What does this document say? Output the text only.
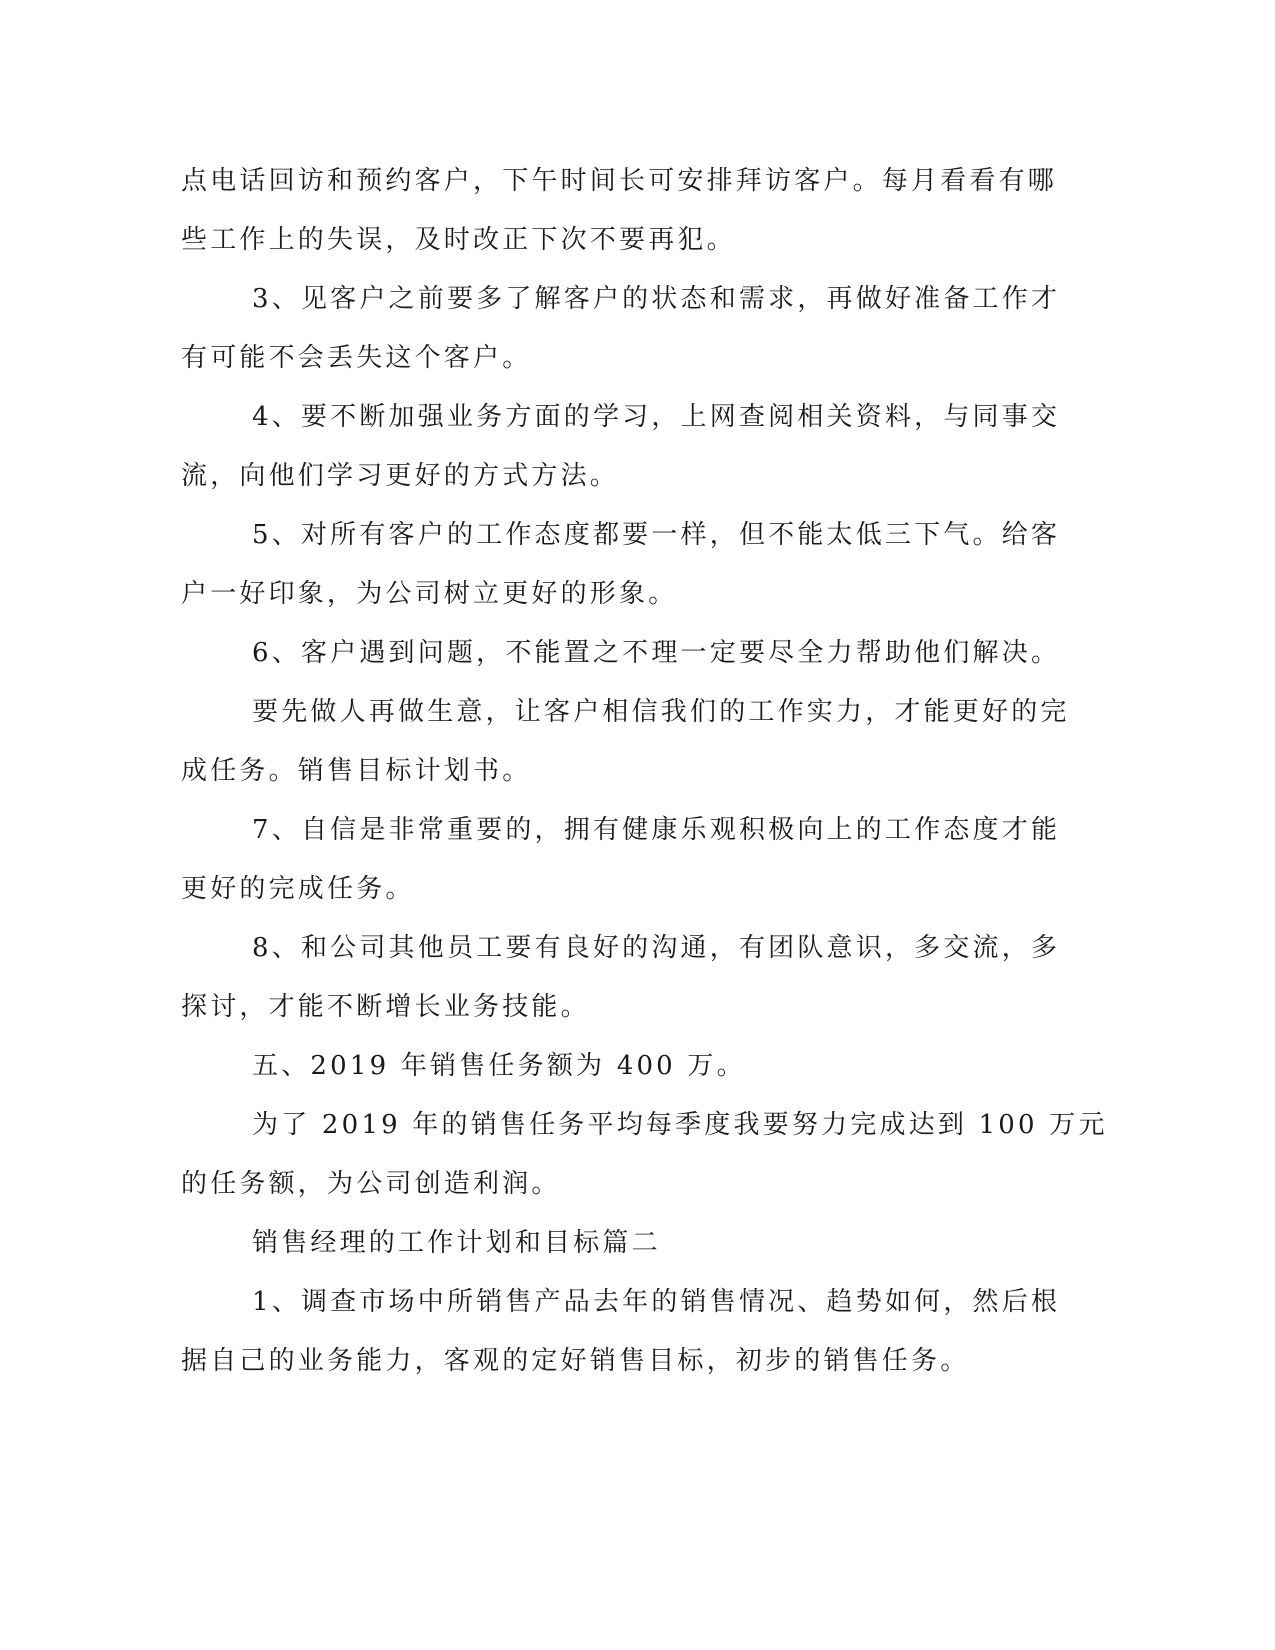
点电话回访和预约客户，下午时间长可安排拜访客户。每月看看有哪
些工作上的失误，及时改正下次不要再犯。
3、见客户之前要多了解客户的状态和需求，再做好准备工作才
有可能不会丢失这个客户。
4、要不断加强业务方面的学习，上网查阅相关资料，与同事交
流，向他们学习更好的方式方法。
5、对所有客户的工作态度都要一样，但不能太低三下气。给客
户一好印象，为公司树立更好的形象。
6、客户遇到问题，不能置之不理一定要尽全力帮助他们解决。
要先做人再做生意，让客户相信我们的工作实力，才能更好的完
成任务。销售目标计划书。
7、自信是非常重要的，拥有健康乐观积极向上的工作态度才能
更好的完成任务。
8、和公司其他员工要有良好的沟通，有团队意识，多交流，多
探讨，才能不断增长业务技能。
五、2019 年销售任务额为 400 万。
为了 2019 年的销售任务平均每季度我要努力完成达到 100 万元
的任务额，为公司创造利润。
销售经理的工作计划和目标篇二
1、调查市场中所销售产品去年的销售情况、趋势如何，然后根
据自己的业务能力，客观的定好销售目标，初步的销售任务。
